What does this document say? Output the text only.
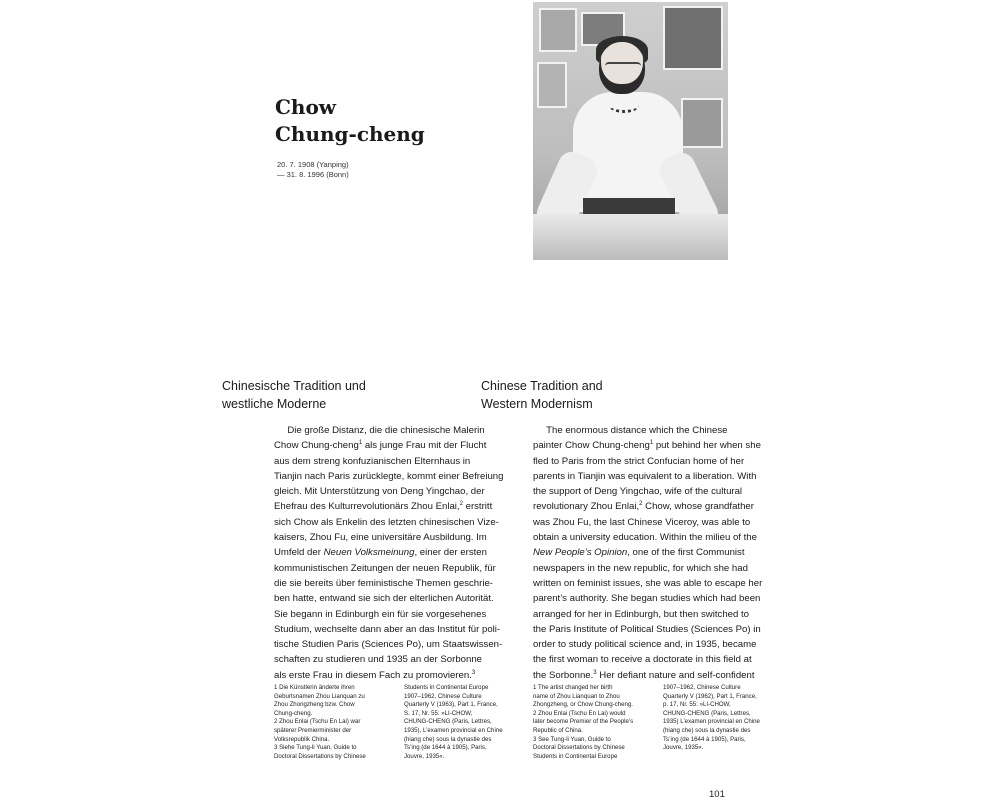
Chow
Chung-cheng
20. 7. 1908 (Yanping)
— 31. 8. 1996 (Bonn)
Chinesische Tradition und
westliche Moderne
Chinese Tradition and
Western Modernism
Die große Distanz, die die chinesische Malerin
Chow Chung-cheng$^1$ als junge Frau mit der Flucht
aus dem streng konfuzianischen Elternhaus in
Tianjin nach Paris zurücklegte, kommt einer Befreiung
gleich. Mit Unterstützung von Deng Yingchao, der
Ehefrau des Kulturrevolutionärs Zhou Enlai,$^2$ erstritt
sich Chow als Enkelin des letzten chinesischen Vize-
kaisers, Zhou Fu, eine universitäre Ausbildung. Im
Umfeld der Neuen Volksmeinung, einer der ersten
kommunistischen Zeitungen der neuen Republik, für
die sie bereits über feministische Themen geschrie-
ben hatte, entwand sie sich der elterlichen Autorität.
Sie begann in Edinburgh ein für sie vorgesehenes
Studium, wechselte dann aber an das Institut für poli-
tische Studien Paris (Sciences Po), um Staatswissen-
schaften zu studieren und 1935 an der Sorbonne
als erste Frau in diesem Fach zu promovieren.$^3$
The enormous distance which the Chinese
painter Chow Chung-cheng$^1$ put behind her when she
fled to Paris from the strict Confucian home of her
parents in Tianjin was equivalent to a liberation. With
the support of Deng Yingchao, wife of the cultural
revolutionary Zhou Enlai,$^2$ Chow, whose grandfather
was Zhou Fu, the last Chinese Viceroy, was able to
obtain a university education. Within the milieu of the
New People’s Opinion, one of the first Communist
newspapers in the new republic, for which she had
written on feminist issues, she was able to escape her
parent’s authority. She began studies which had been
arranged for her in Edinburgh, but then switched to
the Paris Institute of Political Studies (Sciences Po) in
order to study political science and, in 1935, became
the first woman to receive a doctorate in this field at
the Sorbonne.$^3$ Her defiant nature and self-confident
1 Die Künstlerin änderte ihren
Geburtsnamen Zhou Lianquan zu
Zhou Zhongzheng bzw. Chow
Chung-cheng.
2 Zhou Enlai (Tschu En Lai) war
späterer Premierminister der
Volksrepublik China.
3 Siehe Tung-li Yuan, Guide to
Doctoral Dissertations by Chinese
Students in Continental Europe
1907–1962, Chinese Culture
Quarterly V (1963), Part 1, France,
S. 17, Nr. 55: »LI-CHOW,
CHUNG-CHENG (Paris, Lettres,
1935), L’examen provincial en Chine
(hiang che) sous la dynastie des
Ts’ing (de 1644 à 1905), Paris,
Jouvre, 1935«.
1 The artist changed her birth
name of Zhou Lianquan to Zhou
Zhongzheng, or Chow Chung-cheng.
2 Zhou Enlai (Tschu En Lai) would
later become Premier of the People’s
Republic of China.
3 See Tung-li Yuan, Guide to
Doctoral Dissertations by Chinese
Students in Continental Europe
1907–1962, Chinese Culture
Quarterly V (1962), Part 1, France,
p. 17, Nr. 55: »LI-CHOW,
CHUNG-CHENG (Paris, Lettres,
1935) L’examen provincial en Chine
(hiang che) sous la dynastie des
Ts’ing (de 1644 à 1905), Paris,
Jouvre, 1935«.
101
